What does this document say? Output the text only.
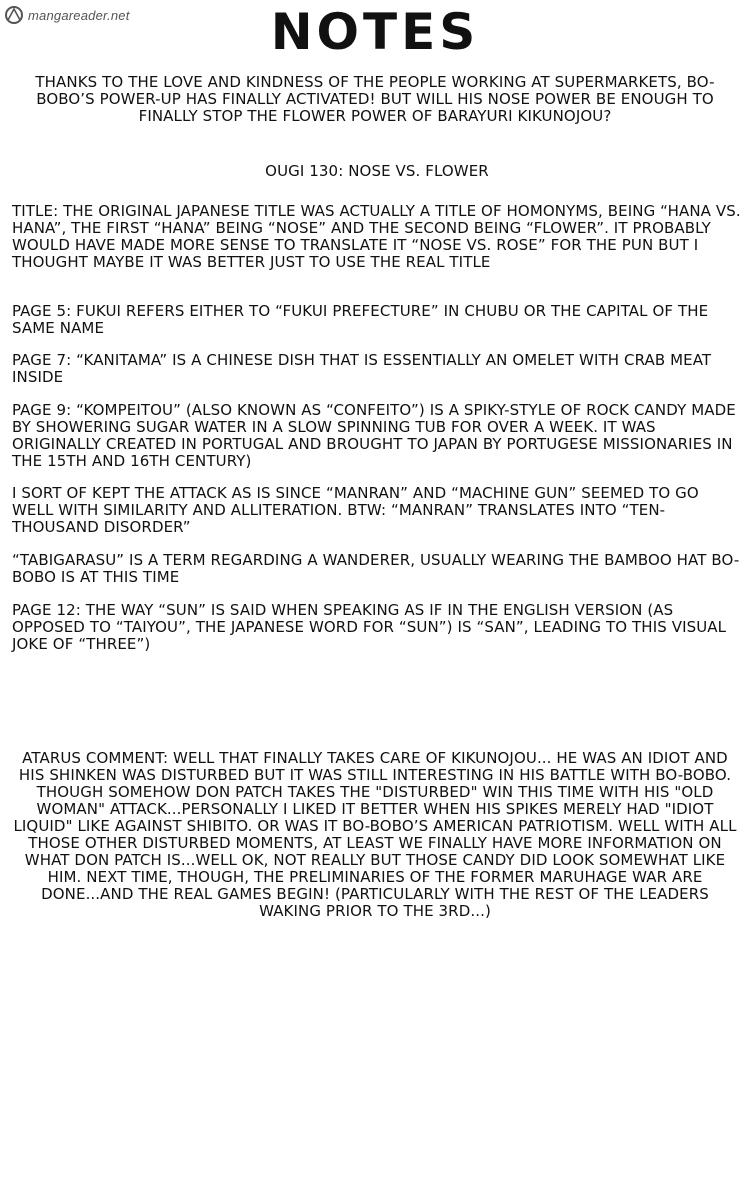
mangareader.net	NOTES
THANKS TO THE LOVE AND KINDNESS OF THE PEOPLE WORKING AT SUPERMARKETS, BO-BOBO’S POWER-UP HAS FINALLY ACTIVATED! BUT WILL HIS NOSE POWER BE ENOUGH TO FINALLY STOP THE FLOWER POWER OF BARAYURI KIKUNOJOU?
OUGI 130: NOSE VS. FLOWER
TITLE: THE ORIGINAL JAPANESE TITLE WAS ACTUALLY A TITLE OF HOMONYMS, BEING “HANA VS. HANA”, THE FIRST “HANA” BEING “NOSE” AND THE SECOND BEING “FLOWER”. IT PROBABLY WOULD HAVE MADE MORE SENSE TO TRANSLATE IT “NOSE VS. ROSE” FOR THE PUN BUT I THOUGHT MAYBE IT WAS BETTER JUST TO USE THE REAL TITLE
PAGE 5: FUKUI REFERS EITHER TO “FUKUI PREFECTURE” IN CHUBU OR THE CAPITAL OF THE SAME NAME
PAGE 7: “KANITAMA” IS A CHINESE DISH THAT IS ESSENTIALLY AN OMELET WITH CRAB MEAT INSIDE
PAGE 9: “KOMPEITOU” (ALSO KNOWN AS “CONFEITO”) IS A SPIKY-STYLE OF ROCK CANDY MADE BY SHOWERING SUGAR WATER IN A SLOW SPINNING TUB FOR OVER A WEEK. IT WAS ORIGINALLY CREATED IN PORTUGAL AND BROUGHT TO JAPAN BY PORTUGESE MISSIONARIES IN THE 15TH AND 16TH CENTURY)
I SORT OF KEPT THE ATTACK AS IS SINCE “MANRAN” AND “MACHINE GUN” SEEMED TO GO WELL WITH SIMILARITY AND ALLITERATION. BTW: “MANRAN” TRANSLATES INTO “TEN-THOUSAND DISORDER”
“TABIGARASU” IS A TERM REGARDING A WANDERER, USUALLY WEARING THE BAMBOO HAT BO-BOBO IS AT THIS TIME
PAGE 12: THE WAY “SUN” IS SAID WHEN SPEAKING AS IF IN THE ENGLISH VERSION (AS OPPOSED TO “TAIYOU”, THE JAPANESE WORD FOR “SUN”) IS “SAN”, LEADING TO THIS VISUAL JOKE OF “THREE”)
ATARUS COMMENT: WELL THAT FINALLY TAKES CARE OF KIKUNOJOU... HE WAS AN IDIOT AND HIS SHINKEN WAS DISTURBED BUT IT WAS STILL INTERESTING IN HIS BATTLE WITH BO-BOBO. THOUGH SOMEHOW DON PATCH TAKES THE "DISTURBED" WIN THIS TIME WITH HIS "OLD WOMAN" ATTACK...PERSONALLY I LIKED IT BETTER WHEN HIS SPIKES MERELY HAD "IDIOT LIQUID" LIKE AGAINST SHIBITO. OR WAS IT BO-BOBO’S AMERICAN PATRIOTISM. WELL WITH ALL THOSE OTHER DISTURBED MOMENTS, AT LEAST WE FINALLY HAVE MORE INFORMATION ON WHAT DON PATCH IS...WELL OK, NOT REALLY BUT THOSE CANDY DID LOOK SOMEWHAT LIKE HIM. NEXT TIME, THOUGH, THE PRELIMINARIES OF THE FORMER MARUHAGE WAR ARE DONE...AND THE REAL GAMES BEGIN! (PARTICULARLY WITH THE REST OF THE LEADERS WAKING PRIOR TO THE 3RD...)
